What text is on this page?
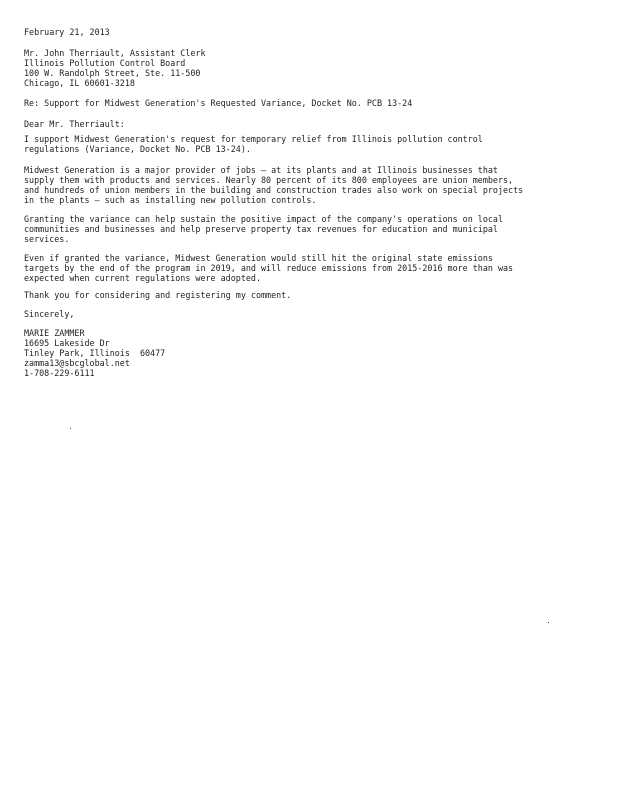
February 21, 2013
Mr. John Therriault, Assistant Clerk
Illinois Pollution Control Board
100 W. Randolph Street, Ste. 11-500
Chicago, IL 60601-3218
Re: Support for Midwest Generation's Requested Variance, Docket No. PCB 13-24
Dear Mr. Therriault:
I support Midwest Generation's request for temporary relief from Illinois pollution control
regulations (Variance, Docket No. PCB 13-24).
Midwest Generation is a major provider of jobs – at its plants and at Illinois businesses that
supply them with products and services. Nearly 80 percent of its 800 employees are union members,
and hundreds of union members in the building and construction trades also work on special projects
in the plants – such as installing new pollution controls.
Granting the variance can help sustain the positive impact of the company's operations on local
communities and businesses and help preserve property tax revenues for education and municipal
services.
Even if granted the variance, Midwest Generation would still hit the original state emissions
targets by the end of the program in 2019, and will reduce emissions from 2015-2016 more than was
expected when current regulations were adopted.
Thank you for considering and registering my comment.
Sincerely,
MARIE ZAMMER
16695 Lakeside Dr
Tinley Park, Illinois  60477
zamma13@sbcglobal.net
1-708-229-6111
